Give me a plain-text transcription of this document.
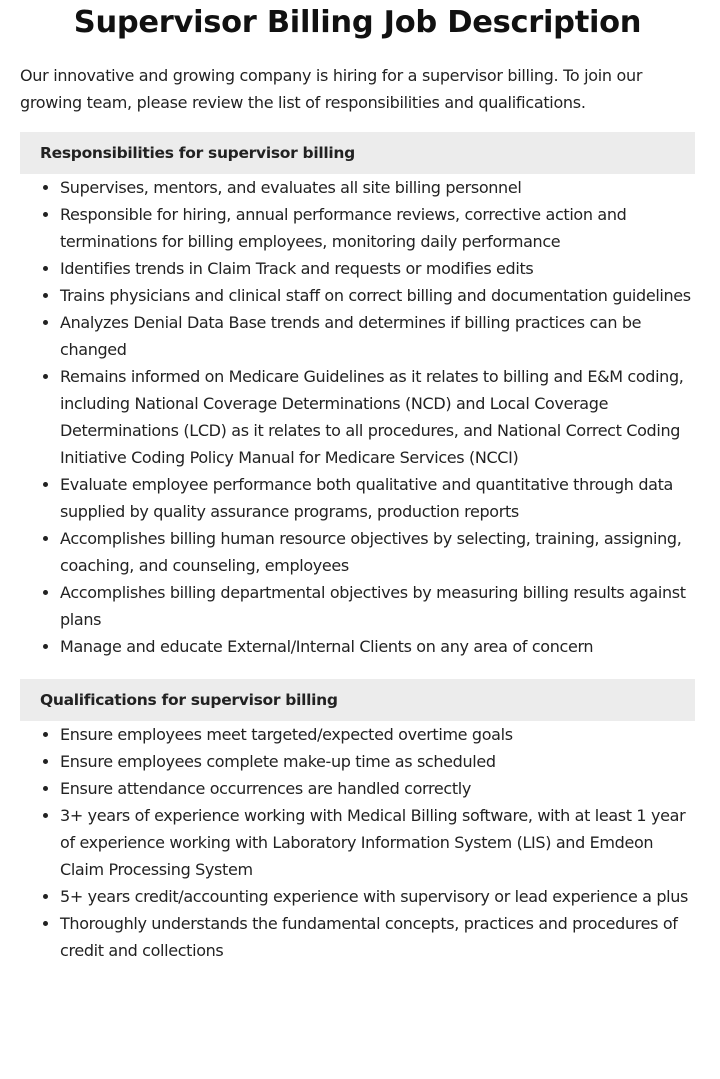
Supervisor Billing Job Description

Our innovative and growing company is hiring for a supervisor billing. To join our growing team, please review the list of responsibilities and qualifications.

Responsibilities for supervisor billing
Supervises, mentors, and evaluates all site billing personnel
Responsible for hiring, annual performance reviews, corrective action and terminations for billing employees, monitoring daily performance
Identifies trends in Claim Track and requests or modifies edits
Trains physicians and clinical staff on correct billing and documentation guidelines
Analyzes Denial Data Base trends and determines if billing practices can be changed
Remains informed on Medicare Guidelines as it relates to billing and E&M coding, including National Coverage Determinations (NCD) and Local Coverage Determinations (LCD) as it relates to all procedures, and National Correct Coding Initiative Coding Policy Manual for Medicare Services (NCCI)
Evaluate employee performance both qualitative and quantitative through data supplied by quality assurance programs, production reports
Accomplishes billing human resource objectives by selecting, training, assigning, coaching, and counseling, employees
Accomplishes billing departmental objectives by measuring billing results against plans
Manage and educate External/Internal Clients on any area of concern
Qualifications for supervisor billing
Ensure employees meet targeted/expected overtime goals
Ensure employees complete make-up time as scheduled
Ensure attendance occurrences are handled correctly
3+ years of experience working with Medical Billing software, with at least 1 year of experience working with Laboratory Information System (LIS) and Emdeon Claim Processing System
5+ years credit/accounting experience with supervisory or lead experience a plus
Thoroughly understands the fundamental concepts, practices and procedures of credit and collections
